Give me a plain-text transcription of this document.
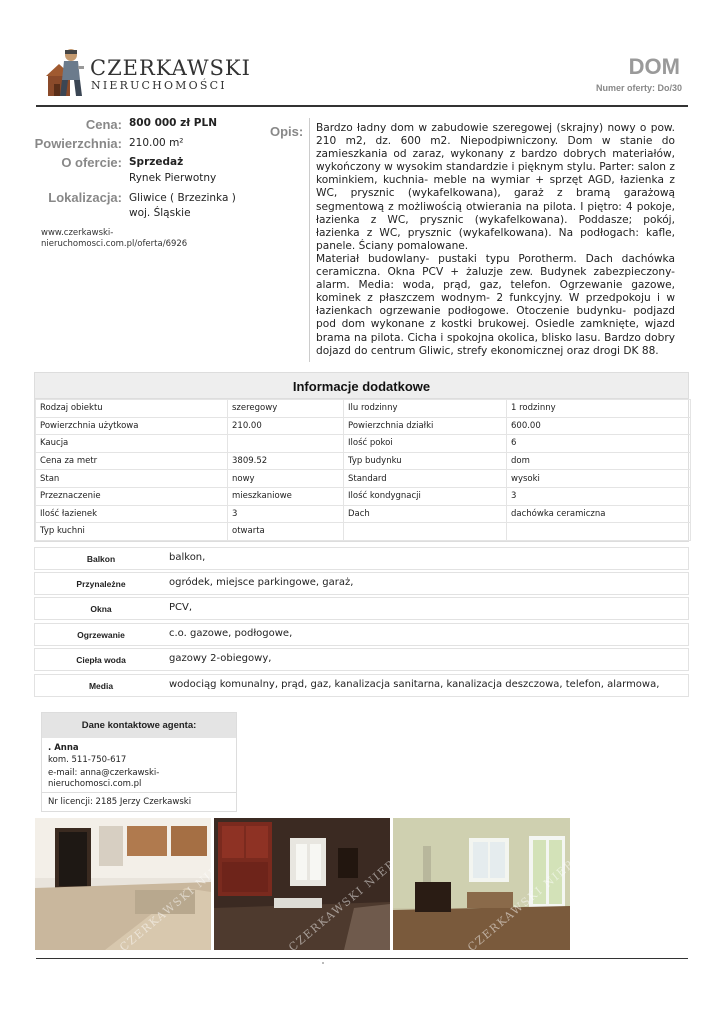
CZERKAWSKI
NIERUCHOMOŚCI
DOM
Numer oferty: Do/30
Cena: 800 000 zł PLN
Powierzchnia: 210.00 m²
O ofercie: Sprzedaż
Rynek Pierwotny
Lokalizacja: Gliwice ( Brzezinka )
woj. Śląskie
www.czerkawski-nieruchomosci.com.pl/oferta/6926
Opis: Bardzo ładny dom w zabudowie szeregowej (skrajny) nowy o pow. 210 m2, dz. 600 m2. Niepodpiwniczony. Dom w stanie do zamieszkania od zaraz, wykonany z bardzo dobrych materiałów, wykończony w wysokim standardzie i pięknym stylu. Parter: salon z kominkiem, kuchnia- meble na wymiar + sprzęt AGD, łazienka z WC, prysznic (wykafelkowana), garaż z bramą garażową segmentową z możliwością otwierania na pilota. I piętro: 4 pokoje, łazienka z WC, prysznic (wykafelkowana). Poddasze; pokój, łazienka z WC, prysznic (wykafelkowana). Na podłogach: kafle, panele. Ściany pomalowane.

Materiał budowlany- pustaki typu Porotherm. Dach dachówka ceramiczna. Okna PCV + żaluzje zew. Budynek zabezpieczony- alarm. Media: woda, prąd, gaz, telefon. Ogrzewanie gazowe, kominek z płaszczem wodnym- 2 funkcyjny. W przedpokoju i w łazienkach ogrzewanie podłogowe. Otoczenie budynku- podjazd pod dom wykonane z kostki brukowej. Osiedle zamknięte, wjazd brama na pilota. Cicha i spokojna okolica, blisko lasu. Bardzo dobry dojazd do centrum Gliwic, strefy ekonomicznej oraz drogi DK 88.

Informacje dodatkowe
Rodzaj obiektu	szeregowy	Ilu rodzinny	1 rodzinny
Powierzchnia użytkowa	210.00	Powierzchnia działki	600.00
Kaucja		Ilość pokoi	6
Cena za metr	3809.52	Typ budynku	dom
Stan	nowy	Standard	wysoki
Przeznaczenie	mieszkaniowe	Ilość kondygnacji	3
Ilość łazienek	3	Dach	dachówka ceramiczna
Typ kuchni	otwarta		
Balkon	balkon,
Przynależne	ogródek, miejsce parkingowe, garaż,
Okna	PCV,
Ogrzewanie	c.o. gazowe, podłogowe,
Ciepła woda	gazowy 2-obiegowy,
Media	wodociąg komunalny, prąd, gaz, kanalizacja sanitarna, kanalizacja deszczowa, telefon, alarmowa,
Dane kontaktowe agenta:
. Anna
kom. 511-750-617
e-mail: anna@czerkawski-nieruchomosci.com.pl
Nr licencji: 2185 Jerzy Czerkawski
